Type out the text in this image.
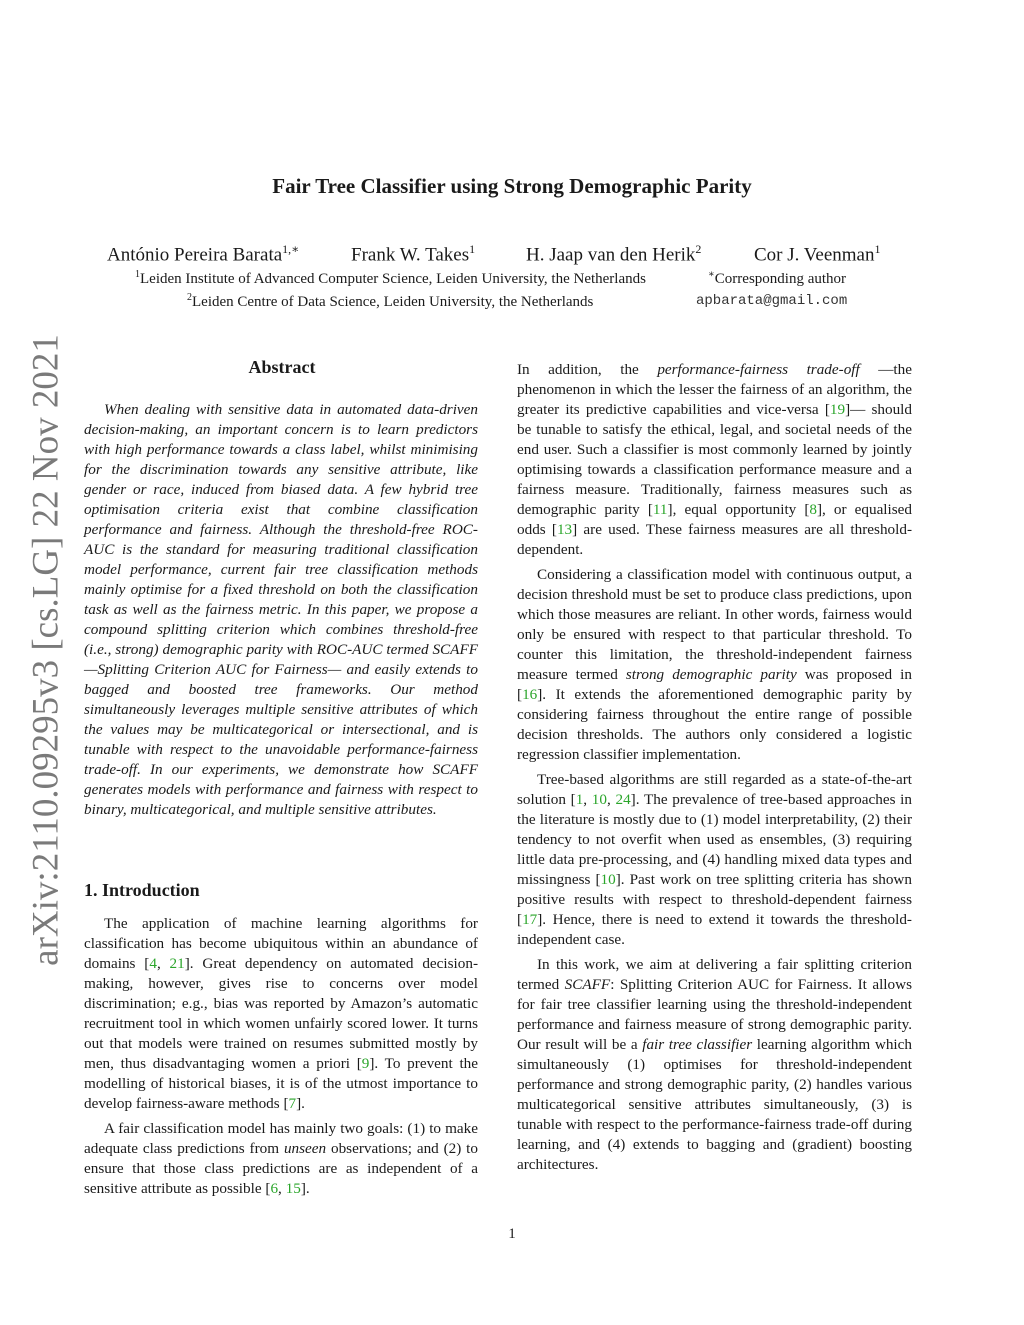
Fair Tree Classifier using Strong Demographic Parity
António Pereira Barata$^{1,∗}$	Frank W. Takes$^1$	H. Jaap van den Herik$^2$	Cor J. Veenman$^1$
$^1$Leiden Institute of Advanced Computer Science, Leiden University, the Netherlands	∗Corresponding author
$^2$Leiden Centre of Data Science, Leiden University, the Netherlands	apbarata@gmail.com
arXiv:2110.09295v3 [cs.LG] 22 Nov 2021	Abstract

When dealing with sensitive data in automated data-driven decision-making, an important concern is to learn predictors with high performance towards a class label, whilst minimising for the discrimination towards any sensitive attribute, like gender or race, induced from biased data. A few hybrid tree optimisation criteria exist that combine classification performance and fairness. Although the threshold-free ROC-AUC is the standard for measuring traditional classification model performance, current fair tree classification methods mainly optimise for a fixed threshold on both the classification task as well as the fairness metric. In this paper, we propose a compound splitting criterion which combines threshold-free (i.e., strong) demographic parity with ROC-AUC termed SCAFF —Splitting Criterion AUC for Fairness— and easily extends to bagged and boosted tree frameworks. Our method simultaneously leverages multiple sensitive attributes of which the values may be multicategorical or intersectional, and is tunable with respect to the unavoidable performance-fairness trade-off. In our experiments, we demonstrate how SCAFF generates models with performance and fairness with respect to binary, multicategorical, and multiple sensitive attributes.

1. Introduction

The application of machine learning algorithms for classification has become ubiquitous within an abundance of domains [4, 21]. Great dependency on automated decision-making, however, gives rise to concerns over model discrimination; e.g., bias was reported by Amazon’s automatic recruitment tool in which women unfairly scored lower. It turns out that models were trained on resumes submitted mostly by men, thus disadvantaging women a priori [9]. To prevent the modelling of historical biases, it is of the utmost importance to develop fairness-aware methods [7].

A fair classification model has mainly two goals: (1) to make adequate class predictions from unseen observations; and (2) to ensure that those class predictions are as independent of a sensitive attribute as possible [6, 15].

In addition, the performance-fairness trade-off —the phenomenon in which the lesser the fairness of an algorithm, the greater its predictive capabilities and vice-versa [19]— should be tunable to satisfy the ethical, legal, and societal needs of the end user. Such a classifier is most commonly learned by jointly optimising towards a classification performance measure and a fairness measure. Traditionally, fairness measures such as demographic parity [11], equal opportunity [8], or equalised odds [13] are used. These fairness measures are all threshold-dependent.

Considering a classification model with continuous output, a decision threshold must be set to produce class predictions, upon which those measures are reliant. In other words, fairness would only be ensured with respect to that particular threshold. To counter this limitation, the threshold-independent fairness measure termed strong demographic parity was proposed in [16]. It extends the aforementioned demographic parity by considering fairness throughout the entire range of possible decision thresholds. The authors only considered a logistic regression classifier implementation.

Tree-based algorithms are still regarded as a state-of-the-art solution [1, 10, 24]. The prevalence of tree-based approaches in the literature is mostly due to (1) model interpretability, (2) their tendency to not overfit when used as ensembles, (3) requiring little data pre-processing, and (4) handling mixed data types and missingness [10]. Past work on tree splitting criteria has shown positive results with respect to threshold-dependent fairness [17]. Hence, there is need to extend it towards the threshold-independent case.

In this work, we aim at delivering a fair splitting criterion termed SCAFF: Splitting Criterion AUC for Fairness. It allows for fair tree classifier learning using the threshold-independent performance and fairness measure of strong demographic parity. Our result will be a fair tree classifier learning algorithm which simultaneously (1) optimises for threshold-independent performance and strong demographic parity, (2) handles various multicategorical sensitive attributes simultaneously, (3) is tunable with respect to the performance-fairness trade-off during learning, and (4) extends to bagging and (gradient) boosting architectures.

1
